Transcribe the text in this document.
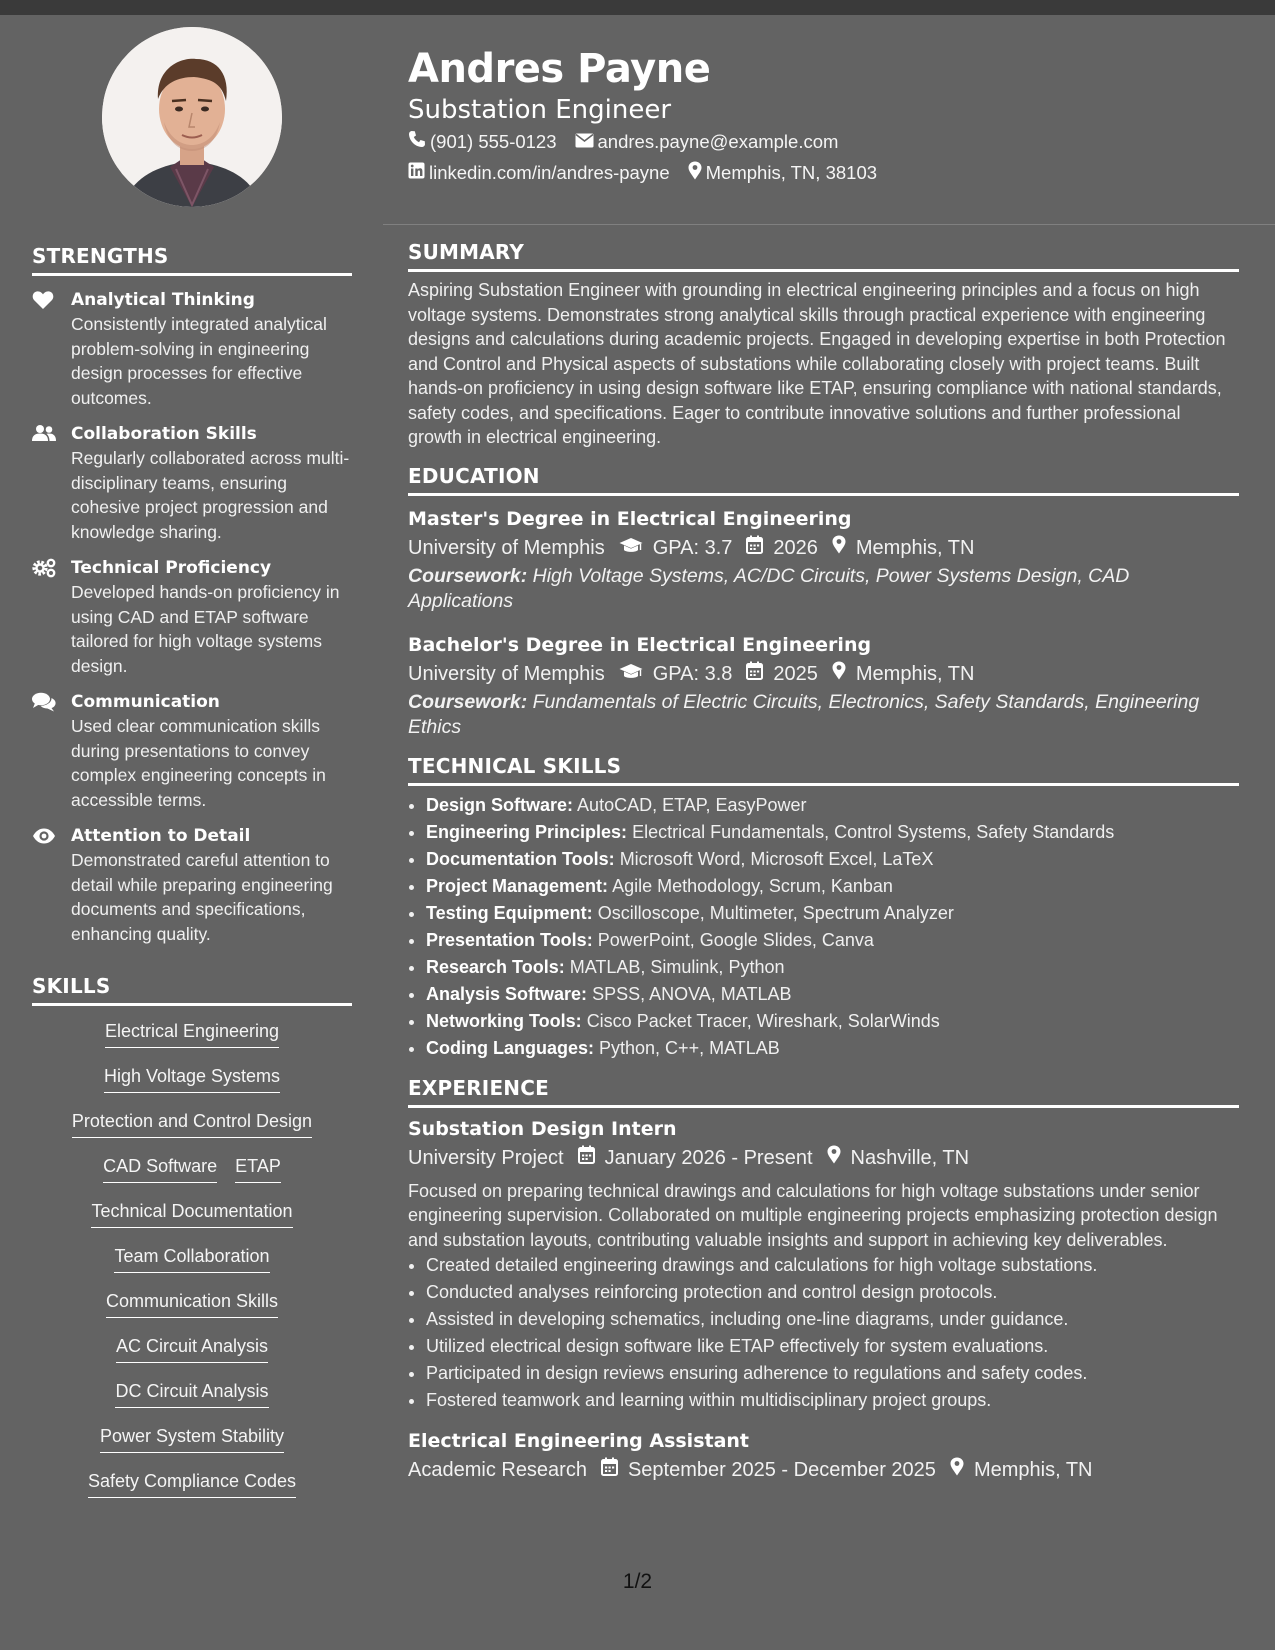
STRENGTHS
Analytical Thinking
Consistently integrated analytical problem-solving in engineering design processes for effective outcomes.
Collaboration Skills
Regularly collaborated across multi-disciplinary teams, ensuring cohesive project progression and knowledge sharing.
Technical Proficiency
Developed hands-on proficiency in using CAD and ETAP software tailored for high voltage systems design.
Communication
Used clear communication skills during presentations to convey complex engineering concepts in accessible terms.
Attention to Detail
Demonstrated careful attention to detail while preparing engineering documents and specifications, enhancing quality.
SKILLS
Electrical Engineering
High Voltage Systems
Protection and Control Design
CAD Software ETAP
Technical Documentation
Team Collaboration
Communication Skills
AC Circuit Analysis
DC Circuit Analysis
Power System Stability
Safety Compliance Codes
Andres Payne
Substation Engineer
(901) 555-0123 andres.payne@example.com
linkedin.com/in/andres-payne Memphis, TN, 38103
SUMMARY
Aspiring Substation Engineer with grounding in electrical engineering principles and a focus on high voltage systems. Demonstrates strong analytical skills through practical experience with engineering designs and calculations during academic projects. Engaged in developing expertise in both Protection and Control and Physical aspects of substations while collaborating closely with project teams. Built hands-on proficiency in using design software like ETAP, ensuring compliance with national standards, safety codes, and specifications. Eager to contribute innovative solutions and further professional growth in electrical engineering.
EDUCATION
Master's Degree in Electrical Engineering
University of Memphis GPA: 3.7 2026 Memphis, TN
Coursework: High Voltage Systems, AC/DC Circuits, Power Systems Design, CAD Applications
Bachelor's Degree in Electrical Engineering
University of Memphis GPA: 3.8 2025 Memphis, TN
Coursework: Fundamentals of Electric Circuits, Electronics, Safety Standards, Engineering Ethics
TECHNICAL SKILLS
• Design Software: AutoCAD, ETAP, EasyPower
• Engineering Principles: Electrical Fundamentals, Control Systems, Safety Standards
• Documentation Tools: Microsoft Word, Microsoft Excel, LaTeX
• Project Management: Agile Methodology, Scrum, Kanban
• Testing Equipment: Oscilloscope, Multimeter, Spectrum Analyzer
• Presentation Tools: PowerPoint, Google Slides, Canva
• Research Tools: MATLAB, Simulink, Python
• Analysis Software: SPSS, ANOVA, MATLAB
• Networking Tools: Cisco Packet Tracer, Wireshark, SolarWinds
• Coding Languages: Python, C++, MATLAB
EXPERIENCE
Substation Design Intern
University Project January 2026 - Present Nashville, TN
Focused on preparing technical drawings and calculations for high voltage substations under senior engineering supervision. Collaborated on multiple engineering projects emphasizing protection design and substation layouts, contributing valuable insights and support in achieving key deliverables.
• Created detailed engineering drawings and calculations for high voltage substations.
• Conducted analyses reinforcing protection and control design protocols.
• Assisted in developing schematics, including one-line diagrams, under guidance.
• Utilized electrical design software like ETAP effectively for system evaluations.
• Participated in design reviews ensuring adherence to regulations and safety codes.
• Fostered teamwork and learning within multidisciplinary project groups.
Electrical Engineering Assistant
Academic Research September 2025 - December 2025 Memphis, TN
1/2
